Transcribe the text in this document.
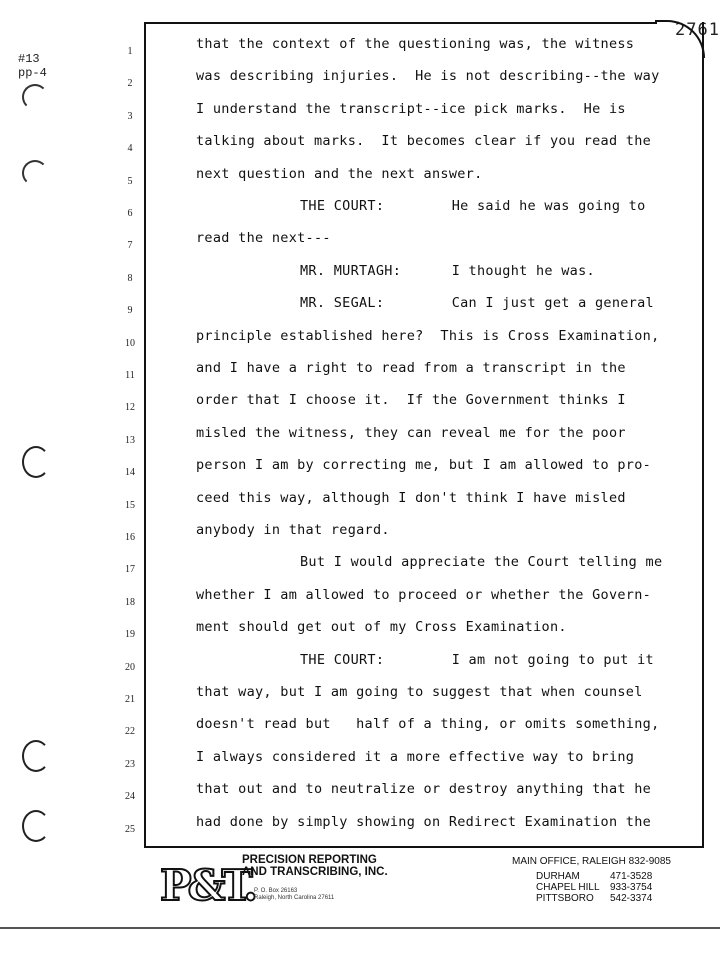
2761
#13
pp-4
1
2
3
4
5
6
7
8
9
10
11
12
13
14
15
16
17
18
19
20
21
22
23
24
25
that the context of the questioning was, the witness
was describing injuries.  He is not describing--the way
I understand the transcript--ice pick marks.  He is
talking about marks.  It becomes clear if you read the
next question and the next answer.
THE COURT:        He said he was going to
read the next---
MR. MURTAGH:      I thought he was.
MR. SEGAL:        Can I just get a general
principle established here?  This is Cross Examination,
and I have a right to read from a transcript in the
order that I choose it.  If the Government thinks I
misled the witness, they can reveal me for the poor
person I am by correcting me, but I am allowed to pro-
ceed this way, although I don't think I have misled
anybody in that regard.
But I would appreciate the Court telling me
whether I am allowed to proceed or whether the Govern-
ment should get out of my Cross Examination.
THE COURT:        I am not going to put it
that way, but I am going to suggest that when counsel
doesn't read but   half of a thing, or omits something,
I always considered it a more effective way to bring
that out and to neutralize or destroy anything that he
had done by simply showing on Redirect Examination the
P&T.
PRECISION REPORTING
AND TRANSCRIBING, INC.
P. O. Box 26163
Raleigh, North Carolina 27611
MAIN OFFICE, RALEIGH 832-9085
DURHAM	471-3528
CHAPEL HILL	933-3754
PITTSBORO	542-3374
